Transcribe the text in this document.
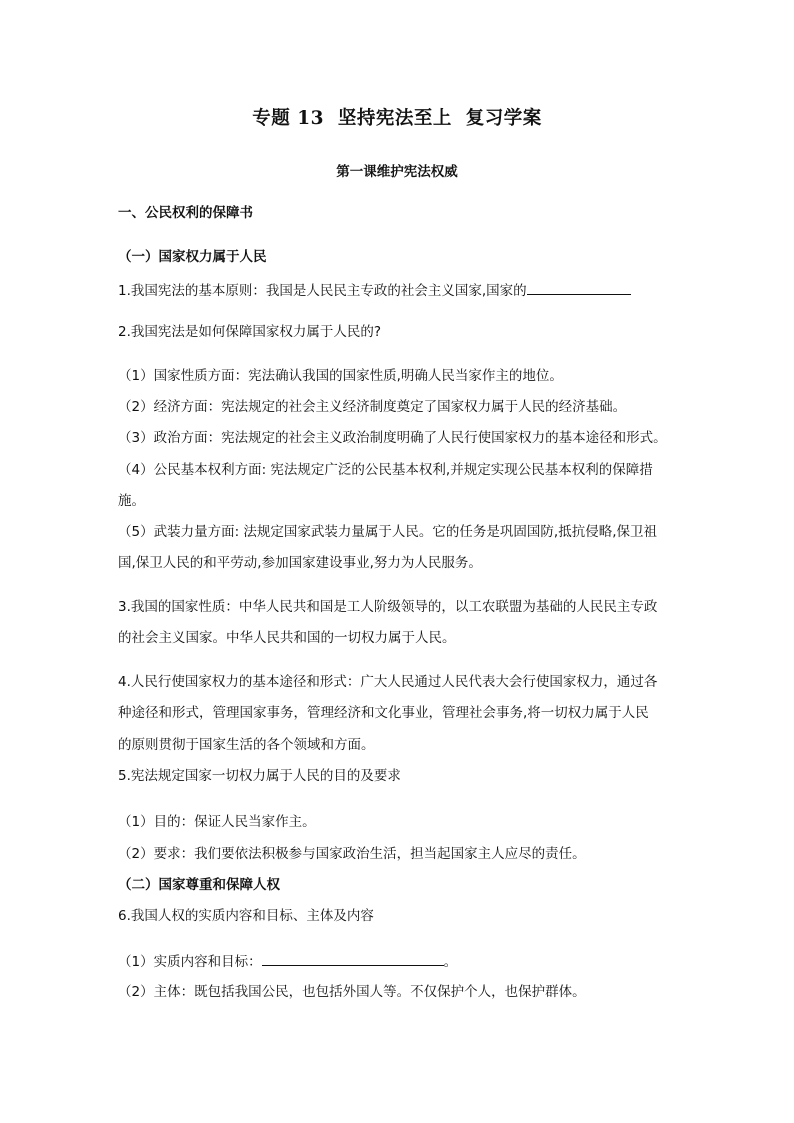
专题 13  坚持宪法至上  复习学案
第一课维护宪法权威
一、公民权利的保障书
（一）国家权力属于人民
1.我国宪法的基本原则：我国是人民民主专政的社会主义国家,国家的
2.我国宪法是如何保障国家权力属于人民的?
（1）国家性质方面：宪法确认我国的国家性质,明确人民当家作主的地位。
（2）经济方面：宪法规定的社会主义经济制度奠定了国家权力属于人民的经济基础。
（3）政治方面：宪法规定的社会主义政治制度明确了人民行使国家权力的基本途径和形式。
（4）公民基本权利方面: 宪法规定广泛的公民基本权利,并规定实现公民基本权利的保障措
施。
（5）武装力量方面: 法规定国家武装力量属于人民。它的任务是巩固国防,抵抗侵略,保卫祖
国,保卫人民的和平劳动,参加国家建设事业,努力为人民服务。
3.我国的国家性质：中华人民共和国是工人阶级领导的，以工农联盟为基础的人民民主专政
的社会主义国家。中华人民共和国的一切权力属于人民。
4.人民行使国家权力的基本途径和形式：广大人民通过人民代表大会行使国家权力，通过各
种途径和形式，管理国家事务，管理经济和文化事业，管理社会事务,将一切权力属于人民
的原则贯彻于国家生活的各个领域和方面。
5.宪法规定国家一切权力属于人民的目的及要求
（1）目的：保证人民当家作主。
（2）要求：我们要依法积极参与国家政治生活，担当起国家主人应尽的责任。
（二）国家尊重和保障人权
6.我国人权的实质内容和目标、主体及内容
（1）实质内容和目标：	。
（2）主体：既包括我国公民，也包括外国人等。不仅保护个人，也保护群体。
